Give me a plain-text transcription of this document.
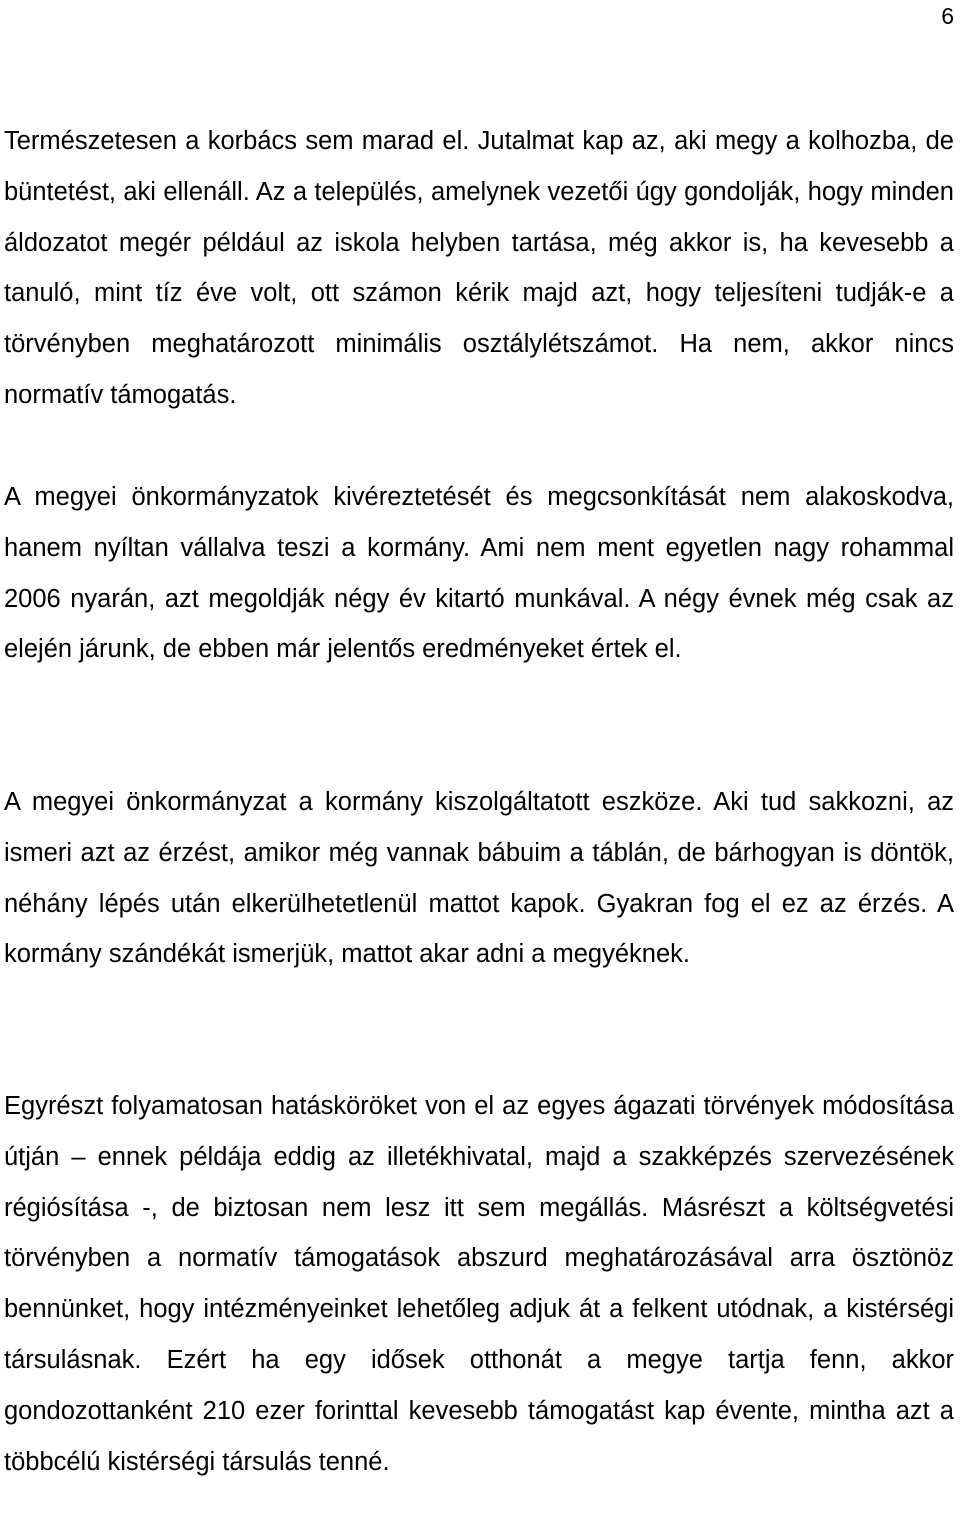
6

Természetesen a korbács sem marad el. Jutalmat kap az, aki megy a kolhozba, de büntetést, aki ellenáll. Az a település, amelynek vezetői úgy gondolják, hogy minden áldozatot megér például az iskola helyben tartása, még akkor is, ha kevesebb a tanuló, mint tíz éve volt, ott számon kérik majd azt, hogy teljesíteni tudják-e a törvényben meghatározott minimális osztálylétszámot. Ha nem, akkor nincs normatív támogatás.

A megyei önkormányzatok kivéreztetését és megcsonkítását nem alakoskodva, hanem nyíltan vállalva teszi a kormány. Ami nem ment egyetlen nagy rohammal 2006 nyarán, azt megoldják négy év kitartó munkával. A négy évnek még csak az elején járunk, de ebben már jelentős eredményeket értek el.

A megyei önkormányzat a kormány kiszolgáltatott eszköze. Aki tud sakkozni, az ismeri azt az érzést, amikor még vannak bábuim a táblán, de bárhogyan is döntök, néhány lépés után elkerülhetetlenül mattot kapok. Gyakran fog el ez az érzés. A kormány szándékát ismerjük, mattot akar adni a megyéknek.

Egyrészt folyamatosan hatásköröket von el az egyes ágazati törvények módosítása útján – ennek példája eddig az illetékhivatal, majd a szakképzés szervezésének régiósítása -, de biztosan nem lesz itt sem megállás. Másrészt a költségvetési törvényben a normatív támogatások abszurd meghatározásával arra ösztönöz bennünket, hogy intézményeinket lehetőleg adjuk át a felkent utódnak, a kistérségi társulásnak. Ezért ha egy idősek otthonát a megye tartja fenn, akkor gondozottanként 210 ezer forinttal kevesebb támogatást kap évente, mintha azt a többcélú kistérségi társulás tenné.
